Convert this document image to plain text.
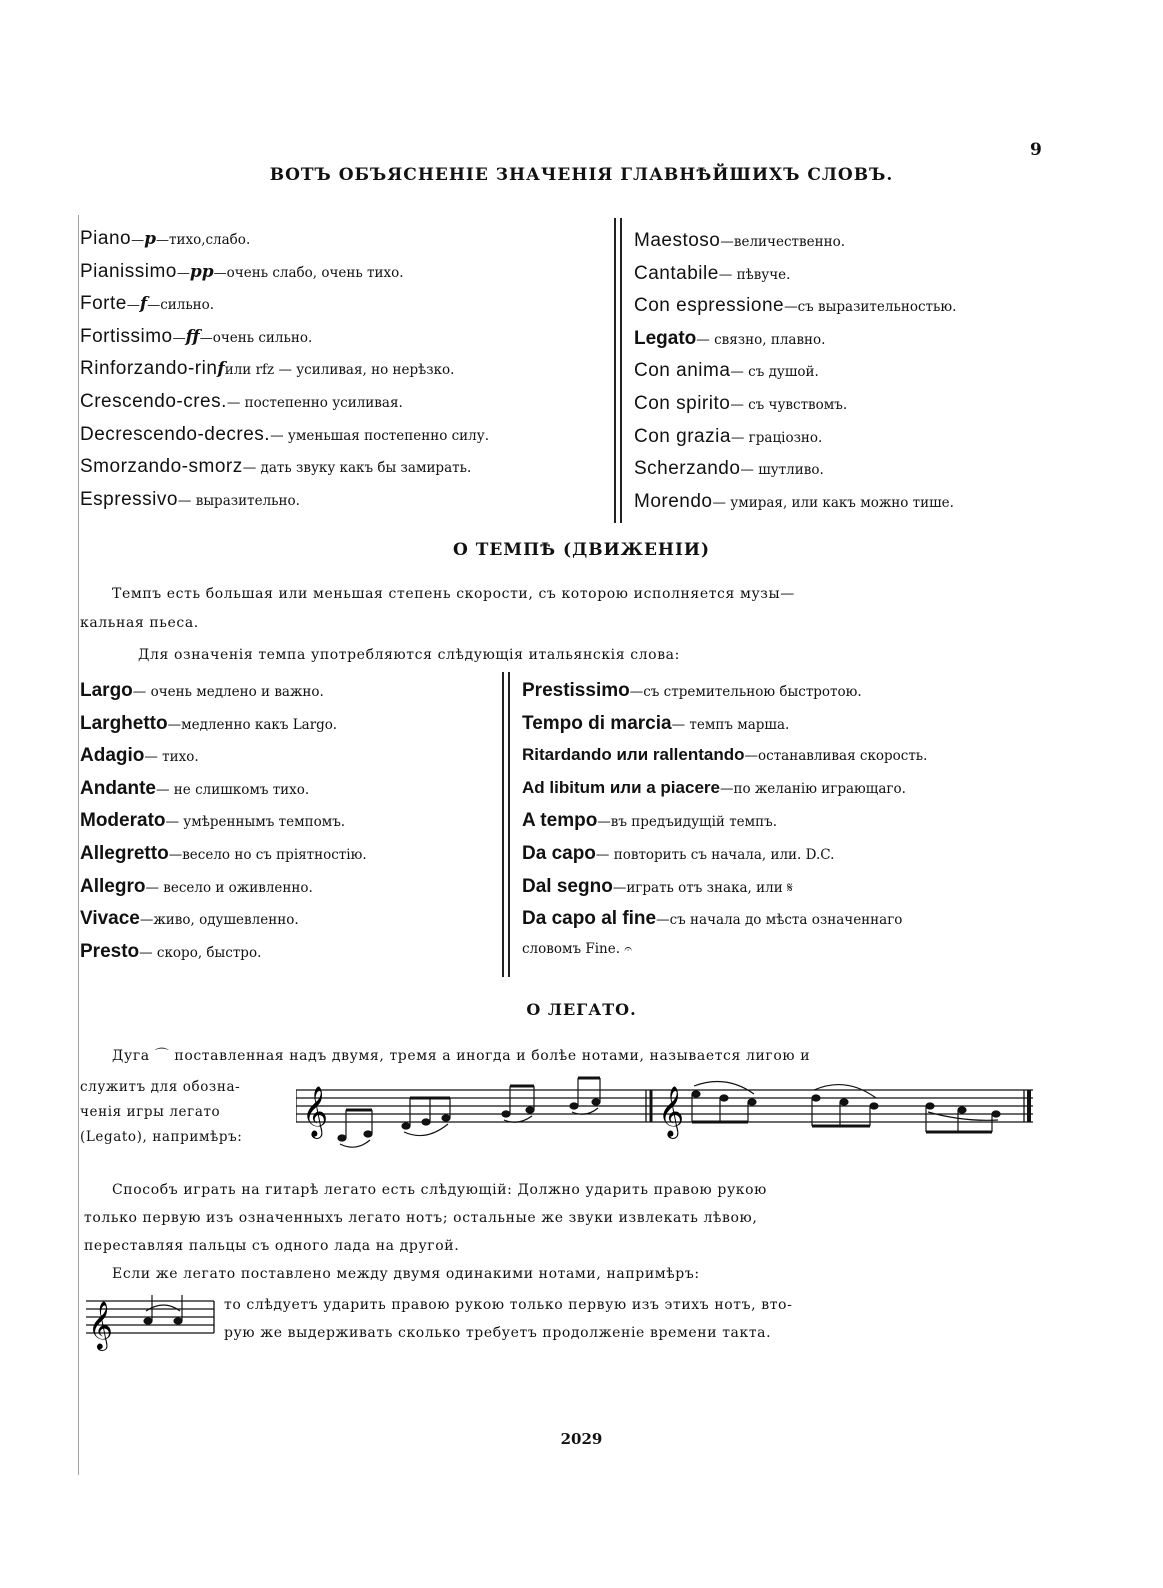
9
ВОТЪ ОБЪЯСНЕНІЕ ЗНАЧЕНІЯ ГЛАВНѢЙШИХЪ СЛОВЪ.
Piano — p — тихо,слабо.
Pianissimo — pp — очень слабо, очень тихо.
Forte — f — сильно.
Fortissimo — ff — очень сильно.
Rinforzando-rin f или rfz — усиливая, но нерѣзко.
Crescendo-cres. — постепенно усиливая.
Decrescendo-decres. — уменьшая постепенно силу.
Smorzando-smorz — дать звуку какъ бы замирать.
Espressivo — выразительно.
Maestoso —величественно.
Cantabile — пѣвуче.
Con espressione —съ выразительностью.
Legato — связно, плавно.
Con anima — съ душой.
Con spirito — съ чувствомъ.
Con grazia — граціозно.
Scherzando — шутливо.
Morendo — умирая, или какъ можно тише.
О ТЕМПѢ (ДВИЖЕНІИ)
Темпъ есть большая или меньшая степень скорости, съ которою исполняется музы—
кальная пьеса.
Для означенія темпа употребляются слѣдующія итальянскія слова:
Largo — очень медлено и важно.
Larghetto —медленно какъ Largo.
Adagio — тихо.
Andante — не слишкомъ тихо.
Moderato — умѣреннымъ темпомъ.
Allegretto —весело но съ пріятностію.
Allegro — весело и оживленно.
Vivace —живо, одушевленно.
Presto — скоро, быстро.
Prestissimo —съ стремительною быстротою.
Tempo di marcia — темпъ марша.
Ritardando или rallentando —останавливая скорость.
Ad libitum или a piacere —по желанію играющаго.
A tempo —въ предъидущій темпъ.
Da capo — повторить съ начала, или. D.C.
Dal segno —играть отъ знака, или 𝄋
Da capo al fine —съ начала до мѣста означеннаго
словомъ Fine. 𝄐
О ЛЕГАТО.
Дуга ⌒ поставленная надъ двумя, тремя а иногда и болѣе нотами, называется лигою и
служитъ для обозна-
ченія игры легато
(Legato), напримѣръ: 𝄞	𝄞
Способъ играть на гитарѣ легато есть слѣдующій: Должно ударить правою рукою
только первую изъ означенныхъ легато нотъ; остальные же звуки извлекать лѣвою,
переставляя пальцы съ одного лада на другой.
Если же легато поставлено между двумя одинакими нотами, напримѣръ:
𝄞	то слѣдуетъ ударить правою рукою только первую изъ этихъ нотъ, вто-
рую же выдерживать сколько требуетъ продолженіе времени такта.
2029
